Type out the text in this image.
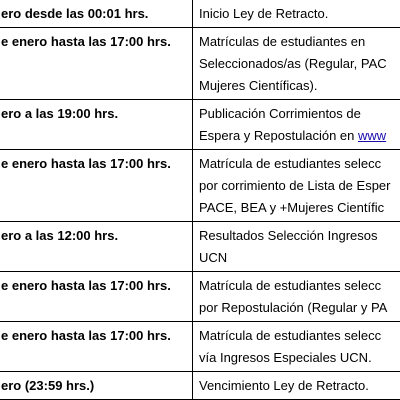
ero desde las 00:01 hrs.	Inicio Ley de Retracto.

e enero hasta las 17:00 hrs.	Matrículas de estudiantes en
Seleccionados/as (Regular, PAC
Mujeres Científicas).

ero a las 19:00 hrs.	Publicación Corrimientos de
Espera y Repostulación en www

e enero hasta las 17:00 hrs.	Matrícula de estudiantes selecc
por corrimiento de Lista de Esper
PACE, BEA y +Mujeres Científic

ero a las 12:00 hrs.	Resultados Selección Ingresos
UCN

e enero hasta las 17:00 hrs.	Matrícula de estudiantes selecc
por Repostulación (Regular y PA

e enero hasta las 17:00 hrs.	Matrícula de estudiantes selecc
vía Ingresos Especiales UCN.

ero (23:59 hrs.)	Vencimiento Ley de Retracto.
